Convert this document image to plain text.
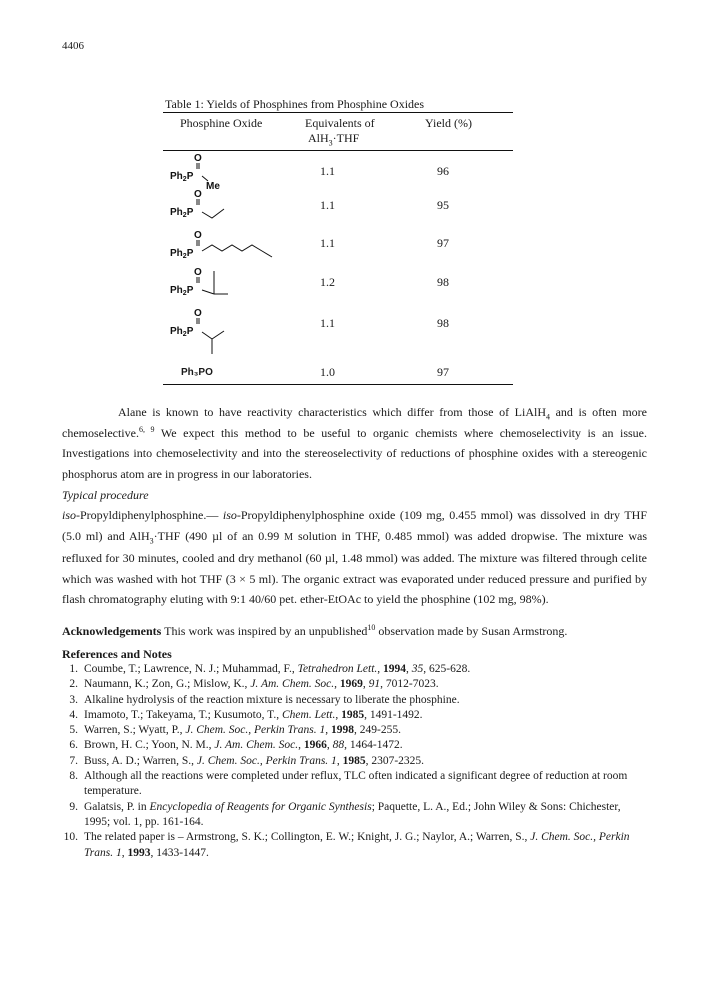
4406
Table 1: Yields of Phosphines from Phosphine Oxides
Phosphine Oxide	Equivalents of
AlH$_3$·THF
Yield (%)
O
$Ph_2P$
Me
1.1	96
O
$Ph_2P$
1.1	95
O
$Ph_2P$
1.1	97
O
$Ph_2P$
1.2	98
O
$Ph_2P$
1.1	98
Ph₃PO	1.0	97

Alane is known to have reactivity characteristics which differ from those of LiAlH$_4$ and is often more chemoselective.$^{6, 9}$ We expect this method to be useful to organic chemists where chemoselectivity is an issue. Investigations into chemoselectivity and into the stereoselectivity of reductions of phosphine oxides with a stereogenic phosphorus atom are in progress in our laboratories.

Typical procedure

iso-Propyldiphenylphosphine.— iso-Propyldiphenylphosphine oxide (109 mg, 0.455 mmol) was dissolved in dry THF (5.0 ml) and AlH$_3$·THF (490 µl of an 0.99 M solution in THF, 0.485 mmol) was added dropwise. The mixture was refluxed for 30 minutes, cooled and dry methanol (60 µl, 1.48 mmol) was added. The mixture was filtered through celite which was washed with hot THF (3 × 5 ml). The organic extract was evaporated under reduced pressure and purified by flash chromatography eluting with 9:1 40/60 pet. ether-EtOAc to yield the phosphine (102 mg, 98%).

Acknowledgements This work was inspired by an unpublished$^{10}$ observation made by Susan Armstrong.

References and Notes
1. Coumbe, T.; Lawrence, N. J.; Muhammad, F., Tetrahedron Lett., 1994, 35, 625-628.
2. Naumann, K.; Zon, G.; Mislow, K., J. Am. Chem. Soc., 1969, 91, 7012-7023.
3. Alkaline hydrolysis of the reaction mixture is necessary to liberate the phosphine.
4. Imamoto, T.; Takeyama, T.; Kusumoto, T., Chem. Lett., 1985, 1491-1492.
5. Warren, S.; Wyatt, P., J. Chem. Soc., Perkin Trans. 1, 1998, 249-255.
6. Brown, H. C.; Yoon, N. M., J. Am. Chem. Soc., 1966, 88, 1464-1472.
7. Buss, A. D.; Warren, S., J. Chem. Soc., Perkin Trans. 1, 1985, 2307-2325.
8. Although all the reactions were completed under reflux, TLC often indicated a significant degree of reduction at room temperature.
9. Galatsis, P. in Encyclopedia of Reagents for Organic Synthesis; Paquette, L. A., Ed.; John Wiley & Sons: Chichester, 1995; vol. 1, pp. 161-164.
10. The related paper is – Armstrong, S. K.; Collington, E. W.; Knight, J. G.; Naylor, A.; Warren, S., J. Chem. Soc., Perkin Trans. 1, 1993, 1433-1447.
